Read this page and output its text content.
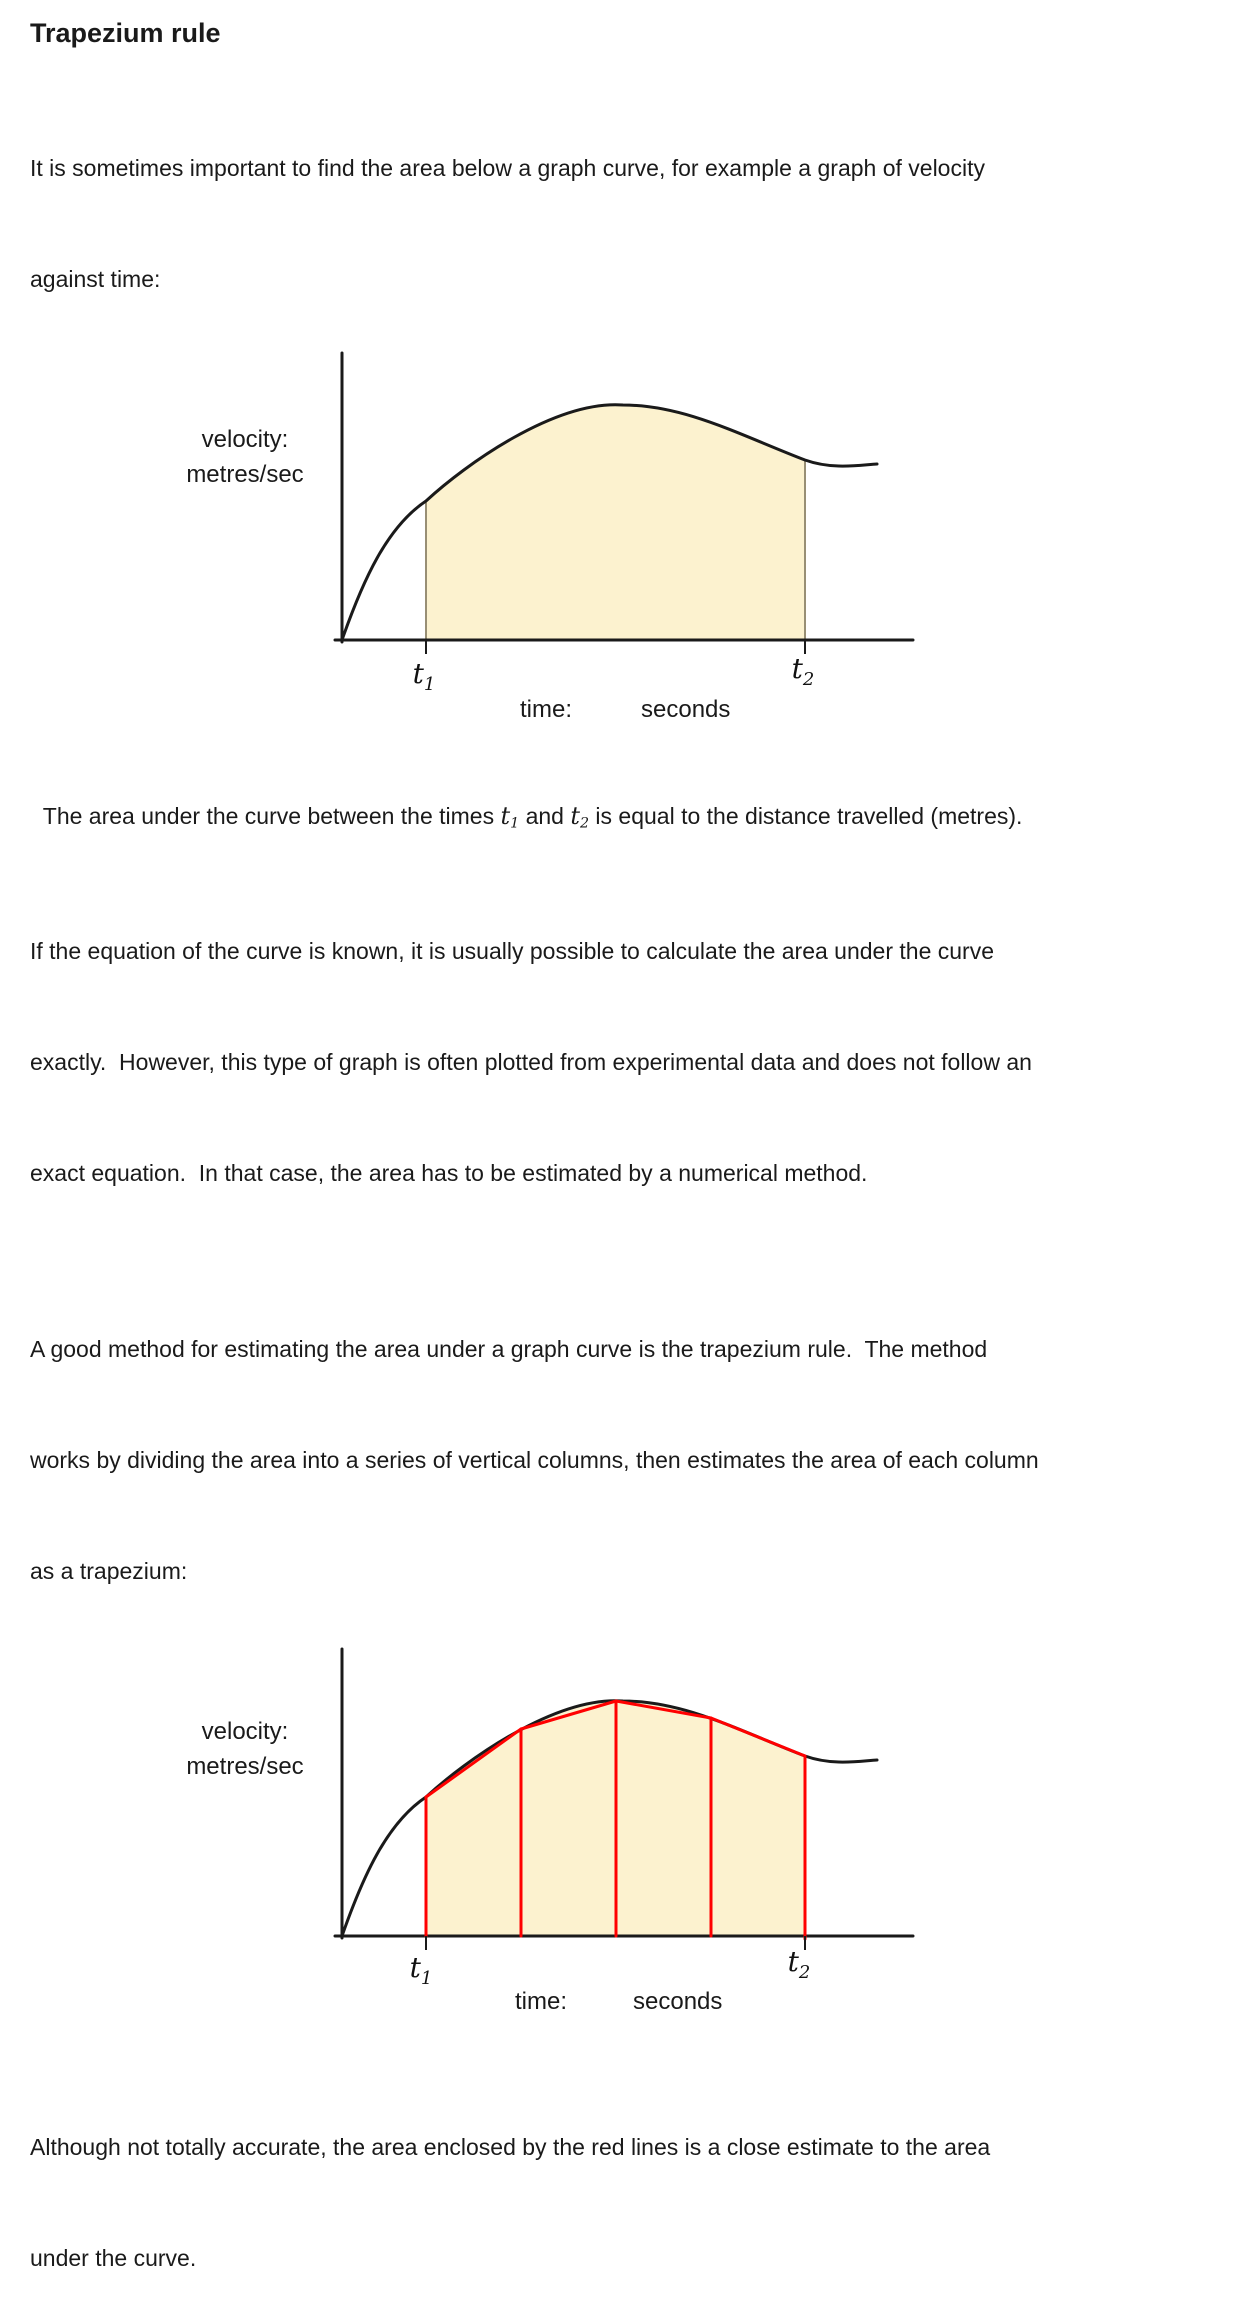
Trapezium rule

It is sometimes important to find the area below a graph curve, for example a graph of velocity

against time:

velocity:
metres/sec
$t_1$	$t_2$
time:	seconds

The area under the curve between the times t1 and t2 is equal to the distance travelled (metres).

If the equation of the curve is known, it is usually possible to calculate the area under the curve

exactly.  However, this type of graph is often plotted from experimental data and does not follow an

exact equation.  In that case, the area has to be estimated by a numerical method.

A good method for estimating the area under a graph curve is the trapezium rule.  The method

works by dividing the area into a series of vertical columns, then estimates the area of each column

as a trapezium:

velocity:
metres/sec
$t_1$
$t_2$
time:	seconds

Although not totally accurate, the area enclosed by the red lines is a close estimate to the area

under the curve.
